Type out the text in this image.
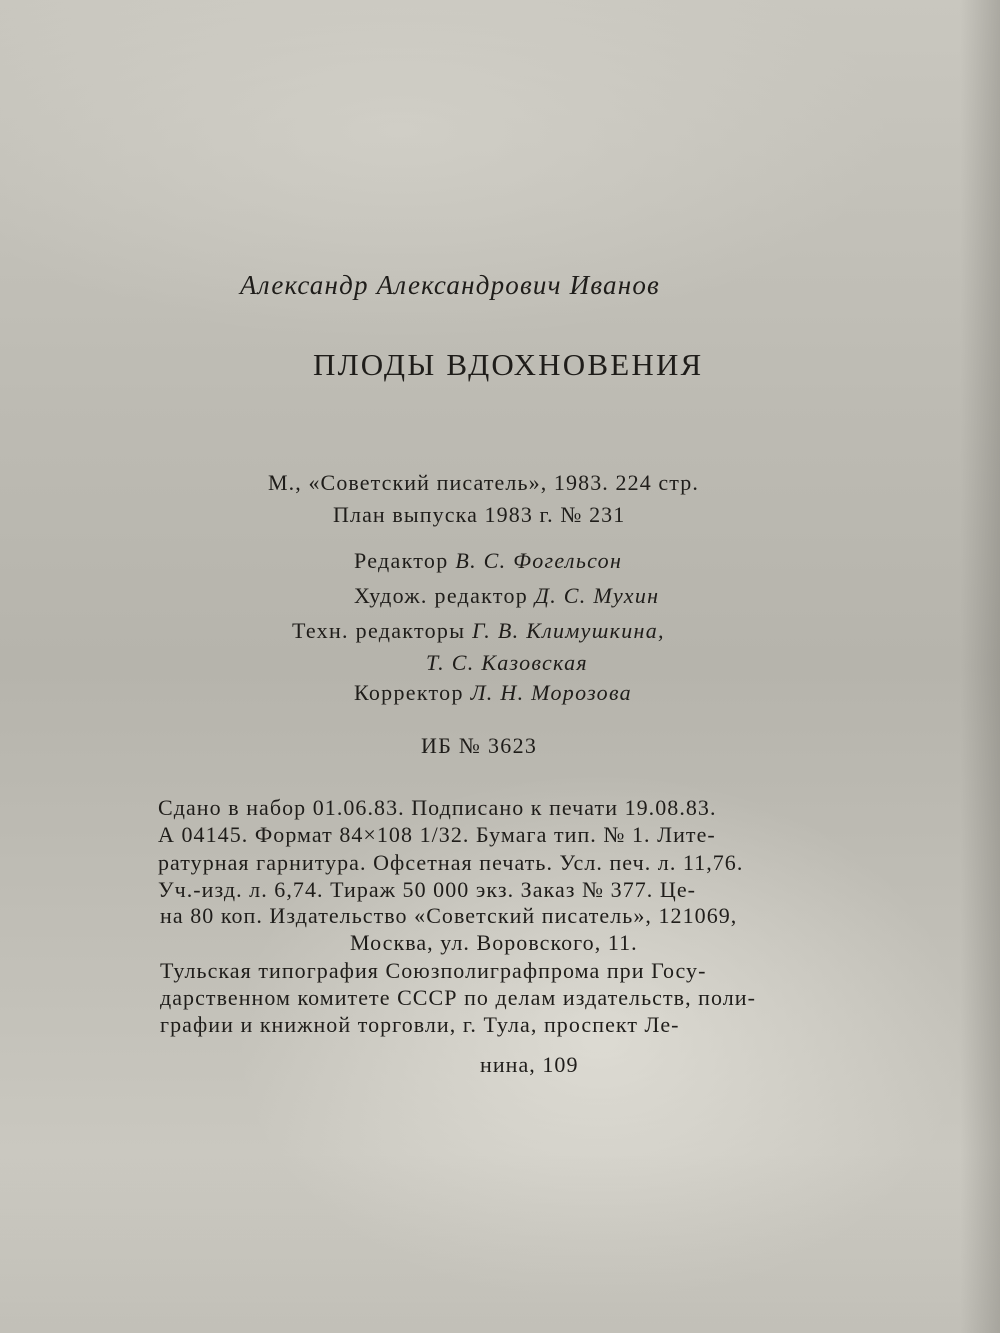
Александр Александрович Иванов
ПЛОДЫ ВДОХНОВЕНИЯ
М., «Советский писатель», 1983. 224 стр.
План выпуска 1983 г. № 231
Редактор В. С. Фогельсон
Худож. редактор Д. С. Мухин
Техн. редакторы Г. В. Климушкина,
Т. С. Казовская
Корректор Л. Н. Морозова
ИБ № 3623
Сдано в набор 01.06.83. Подписано к печати 19.08.83.
А 04145. Формат 84×108 1/32. Бумага тип. № 1. Лите-
ратурная гарнитура. Офсетная печать. Усл. печ. л. 11,76.
Уч.-изд. л. 6,74. Тираж 50 000 экз. Заказ № 377. Це-
на 80 коп. Издательство «Советский писатель», 121069,
Москва, ул. Воровского, 11.
Тульская типография Союзполиграфпрома при Госу-
дарственном комитете СССР по делам издательств, поли-
графии и книжной торговли, г. Тула, проспект Ле-
нина, 109
